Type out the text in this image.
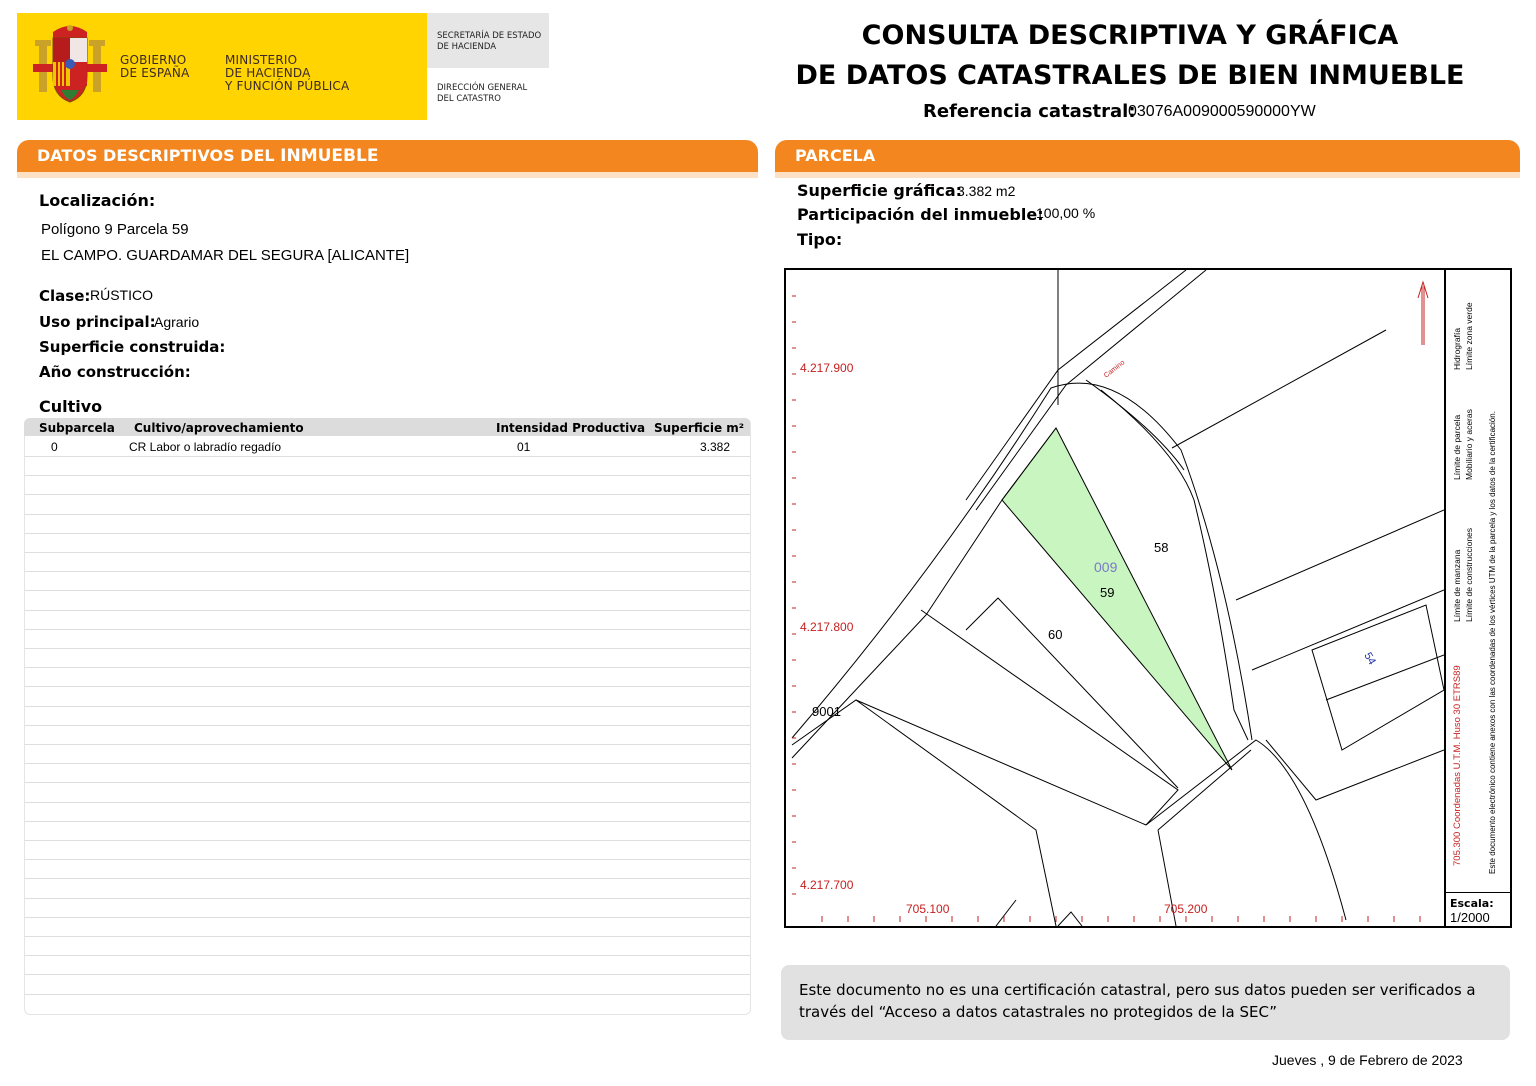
GOBIERNO
DE ESPAÑA
MINISTERIO
DE HACIENDA
Y FUNCIÓN PÚBLICA
SECRETARÍA DE ESTADO
DE HACIENDA
DIRECCIÓN GENERAL
DEL CATASTRO
CONSULTA DESCRIPTIVA Y GRÁFICA
DE DATOS CATASTRALES DE BIEN INMUEBLE
Referencia catastral:
03076A009000590000YW
DATOS DESCRIPTIVOS DEL INMUEBLE	PARCELA
Localización:
Polígono 9 Parcela 59
EL CAMPO. GUARDAMAR DEL SEGURA [ALICANTE]
Clase: RÚSTICO
Uso principal:
Agrario
Superficie construida:
Año construcción:
Cultivo
Subparcela Cultivo/aprovechamiento	Intensidad Productiva Superficie m²
0	CR Labor o labradío regadío	01	3.382
Superficie gráfica:
3.382 m2
Participación del inmueble:
100,00 %
Tipo:
009
59
58
60
54
9001
Camino
4.217.900
4.217.800
4.217.700
705.100	705.200
705.300 Coordenadas U.T.M. Huso 30 ETRS89
Límite de manzana Límite de construcciones
Límite de parcela Mobiliario y aceras
Hidrografía Límite zona verde
Este documento electrónico contiene anexos con las coordenadas de los vértices UTM de la parcela y los datos de la certificación.
Escala:
1/2000
Este documento no es una certificación catastral, pero sus datos pueden ser verificados a través del “Acceso a datos catastrales no protegidos de la SEC”
Jueves , 9 de Febrero de 2023
